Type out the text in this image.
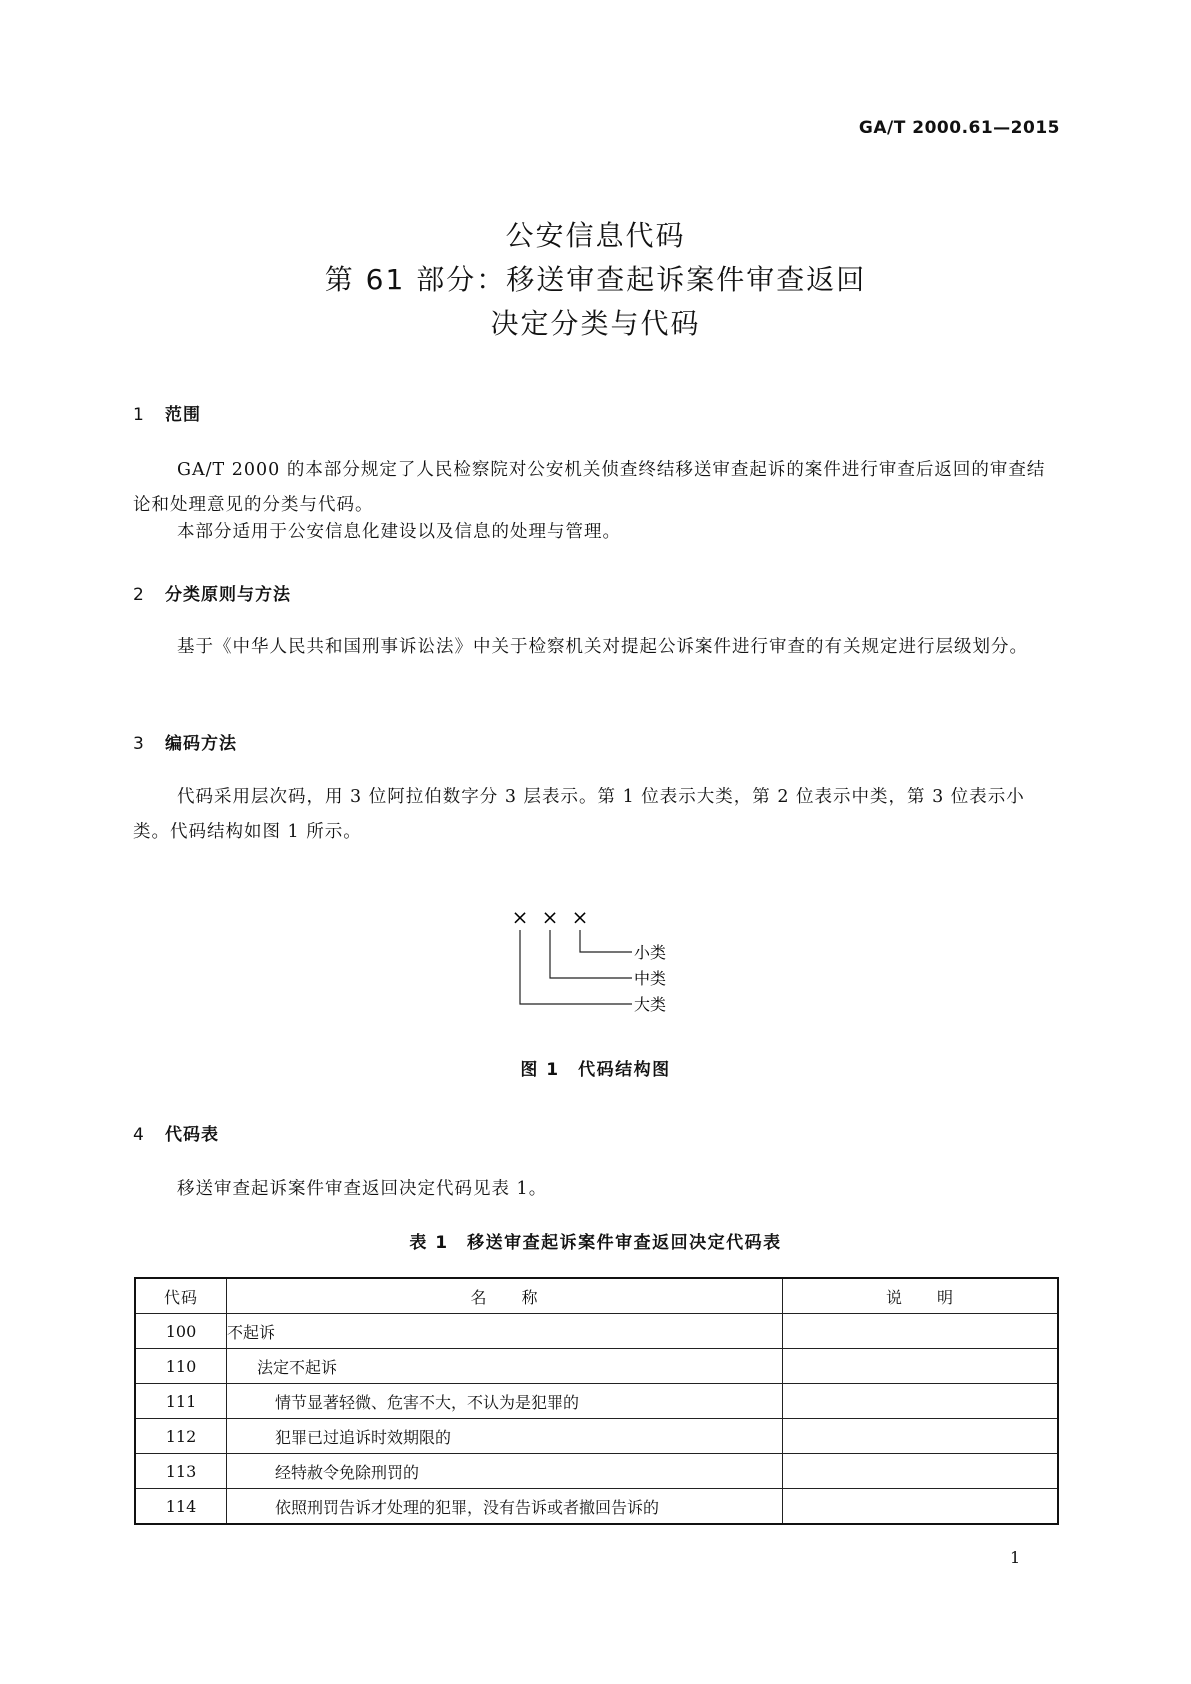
GA/T 2000.61—2015
公安信息代码
第 61 部分：移送审查起诉案件审查返回
决定分类与代码
1 范围
GA/T 2000 的本部分规定了人民检察院对公安机关侦查终结移送审查起诉的案件进行审查后返回的审查结论和处理意见的分类与代码。
本部分适用于公安信息化建设以及信息的处理与管理。
2 分类原则与方法
基于《中华人民共和国刑事诉讼法》中关于检察机关对提起公诉案件进行审查的有关规定进行层级划分。
3 编码方法
代码采用层次码，用 3 位阿拉伯数字分 3 层表示。第 1 位表示大类，第 2 位表示中类，第 3 位表示小类。代码结构如图 1 所示。
× × ×
小类
中类
大类
图 1　代码结构图
4 代码表
移送审查起诉案件审查返回决定代码见表 1。
表 1　移送审查起诉案件审查返回决定代码表
代码	名　　称	说　　明
100	不起诉	
110	法定不起诉	
111	情节显著轻微、危害不大，不认为是犯罪的	
112	犯罪已过追诉时效期限的	
113	经特赦令免除刑罚的	
114	依照刑罚告诉才处理的犯罪，没有告诉或者撤回告诉的	
1
